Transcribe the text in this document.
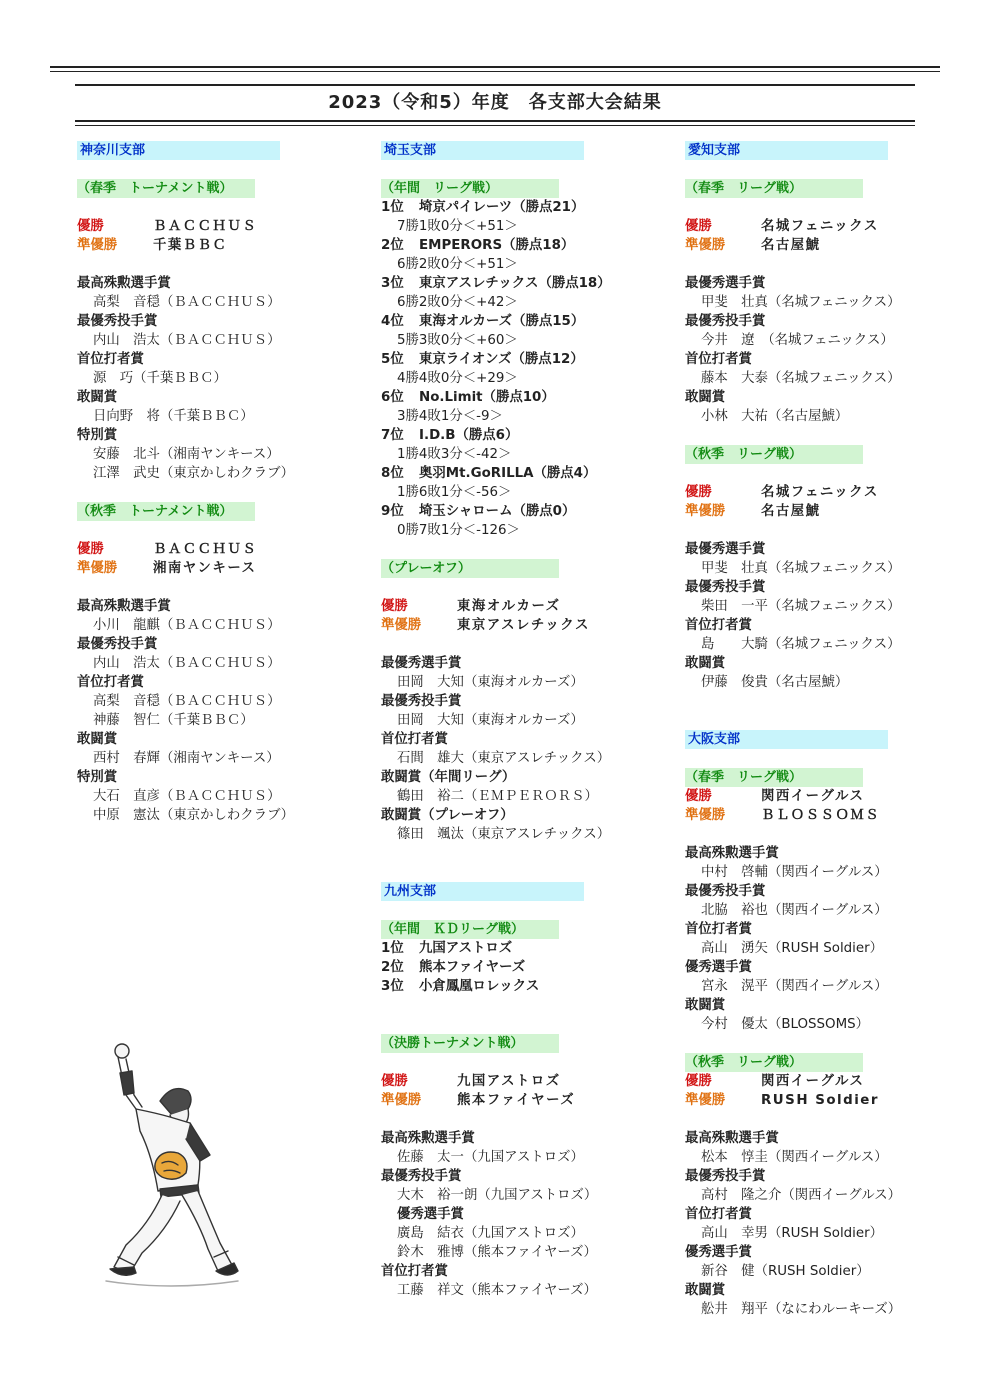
2023（令和5）年度　各支部大会結果
神奈川支部
（春季　トーナメント戦）
優勝	ＢＡＣＣＨＵＳ
準優勝	千葉ＢＢＣ
最高殊勲選手賞
高梨　音穏（ＢＡＣＣＨＵＳ）
最優秀投手賞
内山　浩太（ＢＡＣＣＨＵＳ）
首位打者賞
源　巧（千葉ＢＢＣ）
敢闘賞
日向野　将（千葉ＢＢＣ）
特別賞
安藤　北斗（湘南ヤンキース）
江澤　武史（東京かしわクラブ）
（秋季　トーナメント戦）
優勝	ＢＡＣＣＨＵＳ
準優勝	湘南ヤンキース
最高殊勲選手賞
小川　龍麒（ＢＡＣＣＨＵＳ）
最優秀投手賞
内山　浩太（ＢＡＣＣＨＵＳ）
首位打者賞
高梨　音穏（ＢＡＣＣＨＵＳ）
神藤　智仁（千葉ＢＢＣ）
敢闘賞
西村　春輝（湘南ヤンキース）
特別賞
大石　直彦（ＢＡＣＣＨＵＳ）
中原　憲汰（東京かしわクラブ）
埼玉支部
（年間　リーグ戦）
1位 埼京パイレーツ（勝点21）
7勝1敗0分＜+51＞
2位 EMPERORS（勝点18）
6勝2敗0分＜+51＞
3位 東京アスレチックス（勝点18）
6勝2敗0分＜+42＞
4位 東海オルカーズ（勝点15）
5勝3敗0分＜+60＞
5位 東京ライオンズ（勝点12）
4勝4敗0分＜+29＞
6位 No.Limit（勝点10）
3勝4敗1分＜-9＞
7位 I.D.B（勝点6）
1勝4敗3分＜-42＞
8位 奥羽Mt.GoRILLA（勝点4）
1勝6敗1分＜-56＞
9位 埼玉シャローム（勝点0）
0勝7敗1分＜-126＞
（プレーオフ）
優勝	東海オルカーズ
準優勝	東京アスレチックス
最優秀選手賞
田岡　大知（東海オルカーズ）
最優秀投手賞
田岡　大知（東海オルカーズ）
首位打者賞
石間　雄大（東京アスレチックス）
敢闘賞（年間リーグ）
鶴田　裕二（ＥＭＰＥＲＯＲＳ）
敢闘賞（プレーオフ）
篠田　颯汰（東京アスレチックス）
九州支部
（年間　ＫＤリーグ戦）
1位 九国アストロズ
2位 熊本ファイヤーズ
3位 小倉鳳凰ロレックス
（決勝トーナメント戦）
優勝	九国アストロズ
準優勝	熊本ファイヤーズ
最高殊勲選手賞
佐藤　太一（九国アストロズ）
最優秀投手賞
大木　裕一朗（九国アストロズ）
優秀選手賞
廣島　結衣（九国アストロズ）
鈴木　雅博（熊本ファイヤーズ）
首位打者賞
工藤　祥文（熊本ファイヤーズ）
愛知支部
（春季　リーグ戦）
優勝	名城フェニックス
準優勝	名古屋鯱
最優秀選手賞
甲斐　壮真（名城フェニックス）
最優秀投手賞
今井　遼　（名城フェニックス）
首位打者賞
藤本　大泰（名城フェニックス）
敢闘賞
小林　大祐（名古屋鯱）
（秋季　リーグ戦）
優勝	名城フェニックス
準優勝	名古屋鯱
最優秀選手賞
甲斐　壮真（名城フェニックス）
最優秀投手賞
柴田　一平（名城フェニックス）
首位打者賞
島　　大騎（名城フェニックス）
敢闘賞
伊藤　俊貴（名古屋鯱）
大阪支部
（春季　リーグ戦）
優勝	関西イーグルス
準優勝	ＢＬＯＳＳＯＭＳ
最高殊勲選手賞
中村　啓輔（関西イーグルス）
最優秀投手賞
北脇　裕也（関西イーグルス）
首位打者賞
高山　湧矢（RUSH Soldier）
優秀選手賞
宮永　滉平（関西イーグルス）
敢闘賞
今村　優太（BLOSSOMS）
（秋季　リーグ戦）
優勝	関西イーグルス
準優勝	RUSH Soldier
最高殊勲選手賞
松本　惇圭（関西イーグルス）
最優秀投手賞
高村　隆之介（関西イーグルス）
首位打者賞
高山　幸男（RUSH Soldier）
優秀選手賞
新谷　健（RUSH Soldier）
敢闘賞
舩井　翔平（なにわルーキーズ）
